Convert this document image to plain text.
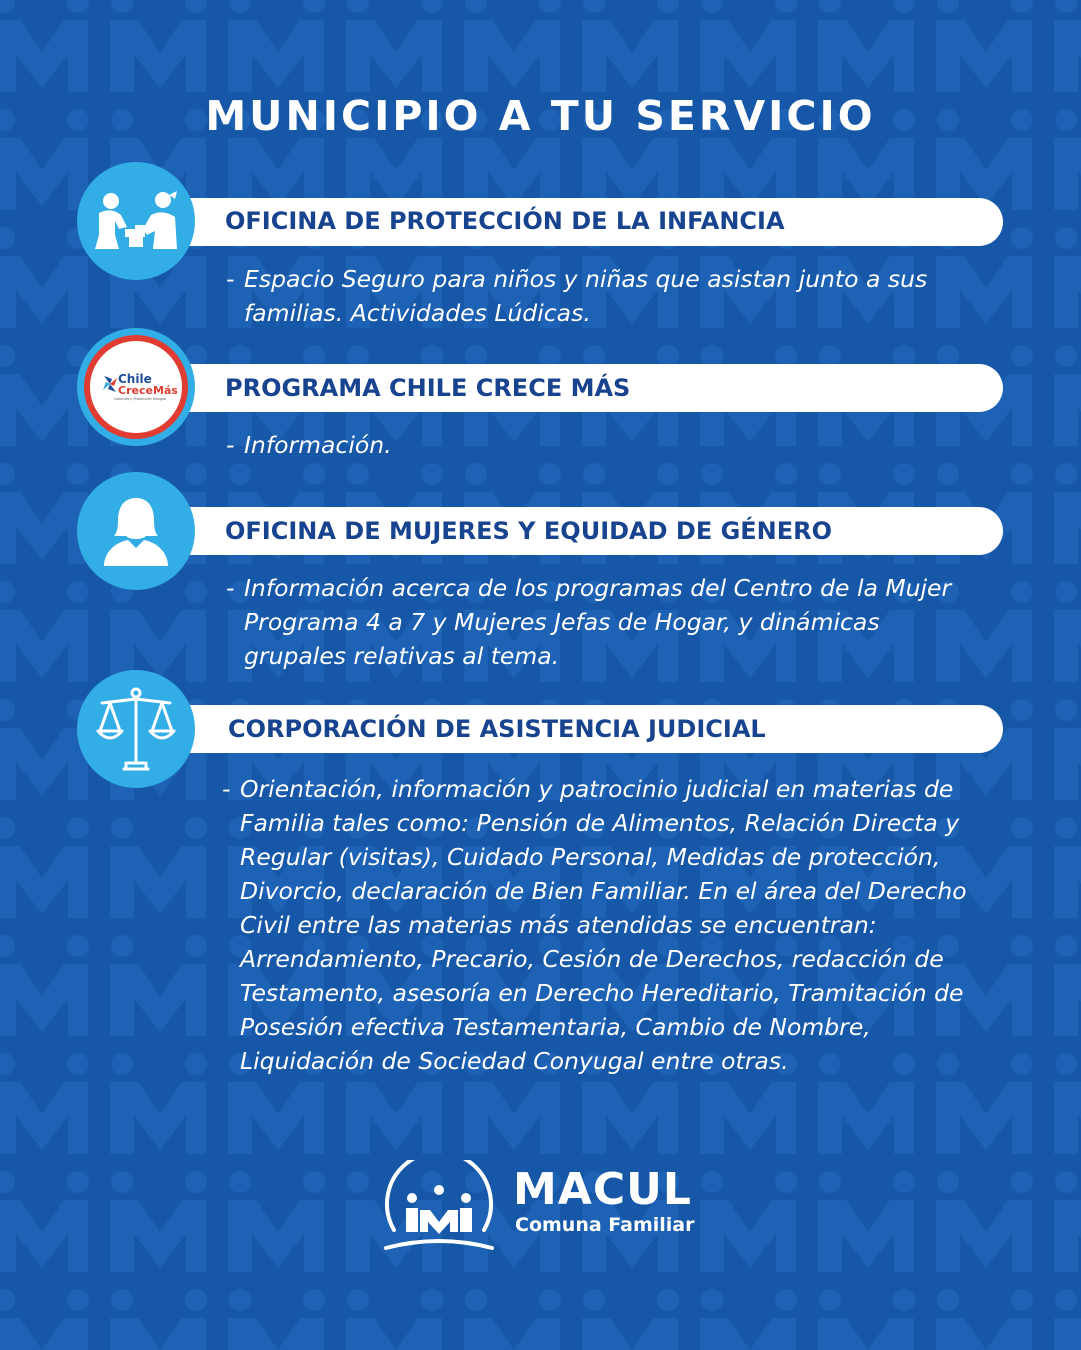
MUNICIPIO A TU SERVICIO
OFICINA DE PROTECCIÓN DE LA INFANCIA
- Espacio Seguro para niños y niñas que asistan junto a sus
familias. Actividades Lúdicas.
PROGRAMA CHILE CRECE MÁS
Chile
CreceMás
Garantía y Protección Integral
- Información.
OFICINA DE MUJERES Y EQUIDAD DE GÉNERO
- Información acerca de los programas del Centro de la Mujer
Programa 4 a 7 y Mujeres Jefas de Hogar, y dinámicas
grupales relativas al tema.
CORPORACIÓN DE ASISTENCIA JUDICIAL
- Orientación, información y patrocinio judicial en materias de
Familia tales como: Pensión de Alimentos, Relación Directa y
Regular (visitas), Cuidado Personal, Medidas de protección,
Divorcio, declaración de Bien Familiar. En el área del Derecho
Civil entre las materias más atendidas se encuentran:
Arrendamiento, Precario, Cesión de Derechos, redacción de
Testamento, asesoría en Derecho Hereditario, Tramitación de
Posesión efectiva Testamentaria, Cambio de Nombre,
Liquidación de Sociedad Conyugal entre otras.
MACUL
Comuna Familiar
